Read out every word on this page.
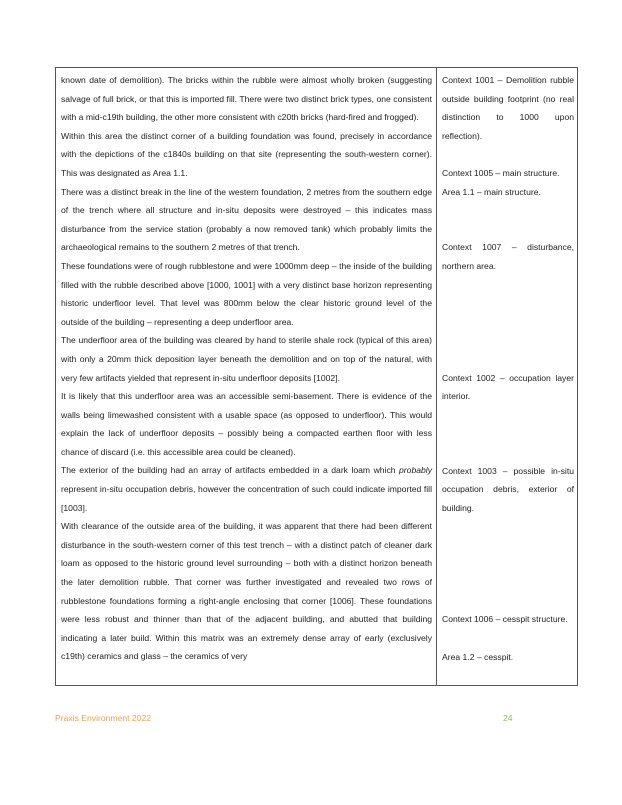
known date of demolition). The bricks within the rubble were almost wholly broken (suggesting salvage of full brick, or that this is imported fill. There were two distinct brick types, one consistent with a mid-c19th building, the other more consistent with c20th bricks (hard-fired and frogged).

Within this area the distinct corner of a building foundation was found, precisely in accordance with the depictions of the c1840s building on that site (representing the south-western corner). This was designated as Area 1.1.

There was a distinct break in the line of the western foundation, 2 metres from the southern edge of the trench where all structure and in-situ deposits were destroyed – this indicates mass disturbance from the service station (probably a now removed tank) which probably limits the archaeological remains to the southern 2 metres of that trench.

These foundations were of rough rubblestone and were 1000mm deep – the inside of the building filled with the rubble described above [1000, 1001] with a very distinct base horizon representing historic underfloor level. That level was 800mm below the clear historic ground level of the outside of the building – representing a deep underfloor area.

The underfloor area of the building was cleared by hand to sterile shale rock (typical of this area) with only a 20mm thick deposition layer beneath the demolition and on top of the natural, with very few artifacts yielded that represent in-situ underfloor deposits [1002].

It is likely that this underfloor area was an accessible semi-basement. There is evidence of the walls being limewashed consistent with a usable space (as opposed to underfloor). This would explain the lack of underfloor deposits – possibly being a compacted earthen floor with less chance of discard (i.e. this accessible area could be cleaned).

The exterior of the building had an array of artifacts embedded in a dark loam which probably represent in-situ occupation debris, however the concentration of such could indicate imported fill [1003].

With clearance of the outside area of the building, it was apparent that there had been different disturbance in the south-western corner of this test trench – with a distinct patch of cleaner dark loam as opposed to the historic ground level surrounding – both with a distinct horizon beneath the later demolition rubble. That corner was further investigated and revealed two rows of rubblestone foundations forming a right-angle enclosing that corner [1006]. These foundations were less robust and thinner than that of the adjacent building, and abutted that building indicating a later build. Within this matrix was an extremely dense array of early (exclusively c19th) ceramics and glass – the ceramics of very

Context 1001 – Demolition rubble outside building footprint (no real distinction to 1000 upon reflection).

Context 1005 – main structure.

Area 1.1 – main structure.

Context 1007 – disturbance, northern area.

Context 1002 – occupation layer interior.

Context 1003 – possible in-situ occupation debris, exterior of building.

Context 1006 – cesspit structure.

Area 1.2 – cesspit.

Praxis Environment 2022	24
